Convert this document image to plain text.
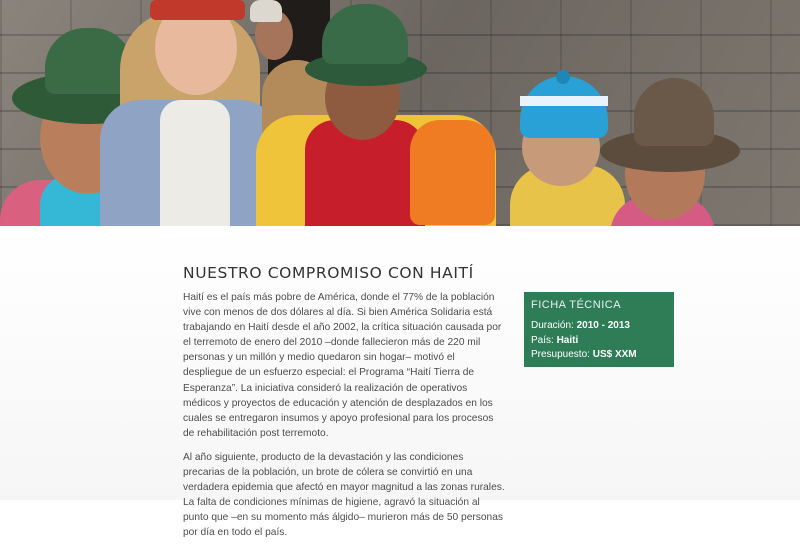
NUESTRO COMPROMISO CON HAITÍ

Haití es el país más pobre de América, donde el 77% de la población vive con menos de dos dólares al día. Si bien América Solidaria está trabajando en Haití desde el año 2002, la crítica situación causada por el terremoto de enero del 2010 –donde fallecieron más de 220 mil personas y un millón y medio quedaron sin hogar– motivó el despliegue de un esfuerzo especial: el Programa “Haití Tierra de Esperanza”. La iniciativa consideró la realización de operativos médicos y proyectos de educación y atención de desplazados en los cuales se entregaron insumos y apoyo profesional para los procesos de rehabilitación post terremoto.

Al año siguiente, producto de la devastación y las condiciones precarias de la población, un brote de cólera se convirtió en una verdadera epidemia que afectó en mayor magnitud a las zonas rurales. La falta de condiciones mínimas de higiene, agravó la situación al punto que –en su momento más álgido– murieron más de 50 personas por día en todo el país.

FICHA TÉCNICA
Duración: 2010 - 2013
País: Haiti
Presupuesto: US$ XXM
